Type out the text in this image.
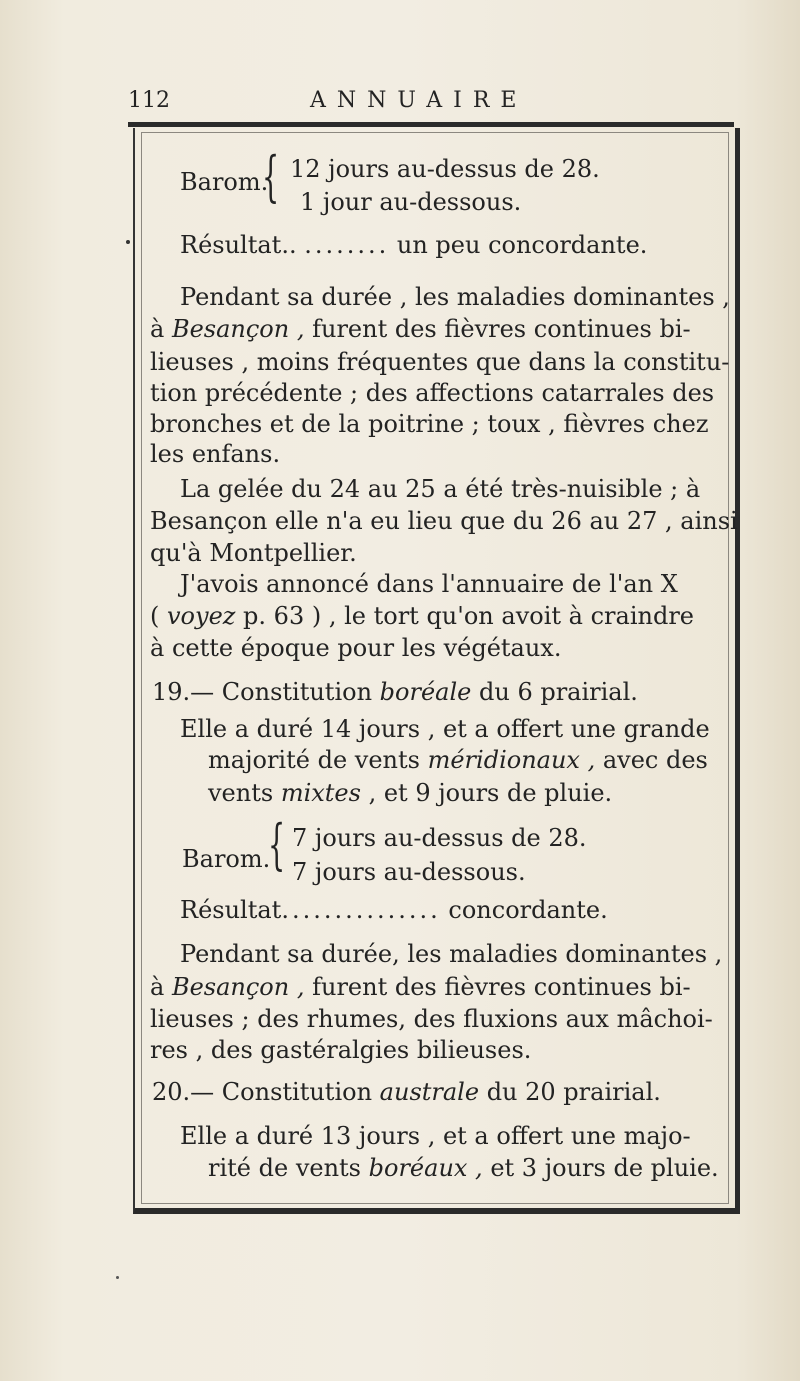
112	ANNUAIRE
Barom.
{ 12 jours au-dessus de 28.
1 jour au-dessous.
Résultat.. ........ un peu concordante.
Pendant sa durée , les maladies dominantes ,
à Besançon , furent des fièvres continues bi-
lieuses , moins fréquentes que dans la constitu-
tion précédente ; des affections catarrales des
bronches et de la poitrine ; toux , fièvres chez
les enfans.
La gelée du 24 au 25 a été très-nuisible ; à
Besançon elle n'a eu lieu que du 26 au 27 , ainsi
qu'à Montpellier.
J'avois annoncé dans l'annuaire de l'an X
( voyez p. 63 ) , le tort qu'on avoit à craindre
à cette époque pour les végétaux.
19.— Constitution boréale du 6 prairial.
Elle a duré 14 jours , et a offert une grande
majorité de vents méridionaux , avec des
vents mixtes , et 9 jours de pluie.
Barom.
{ 7 jours au-dessus de 28.
7 jours au-dessous.
Résultat............... concordante.
Pendant sa durée, les maladies dominantes ,
à Besançon , furent des fièvres continues bi-
lieuses ; des rhumes, des fluxions aux mâchoi-
res , des gastéralgies bilieuses.
20.— Constitution australe du 20 prairial.
Elle a duré 13 jours , et a offert une majo-
rité de vents boréaux , et 3 jours de pluie.
